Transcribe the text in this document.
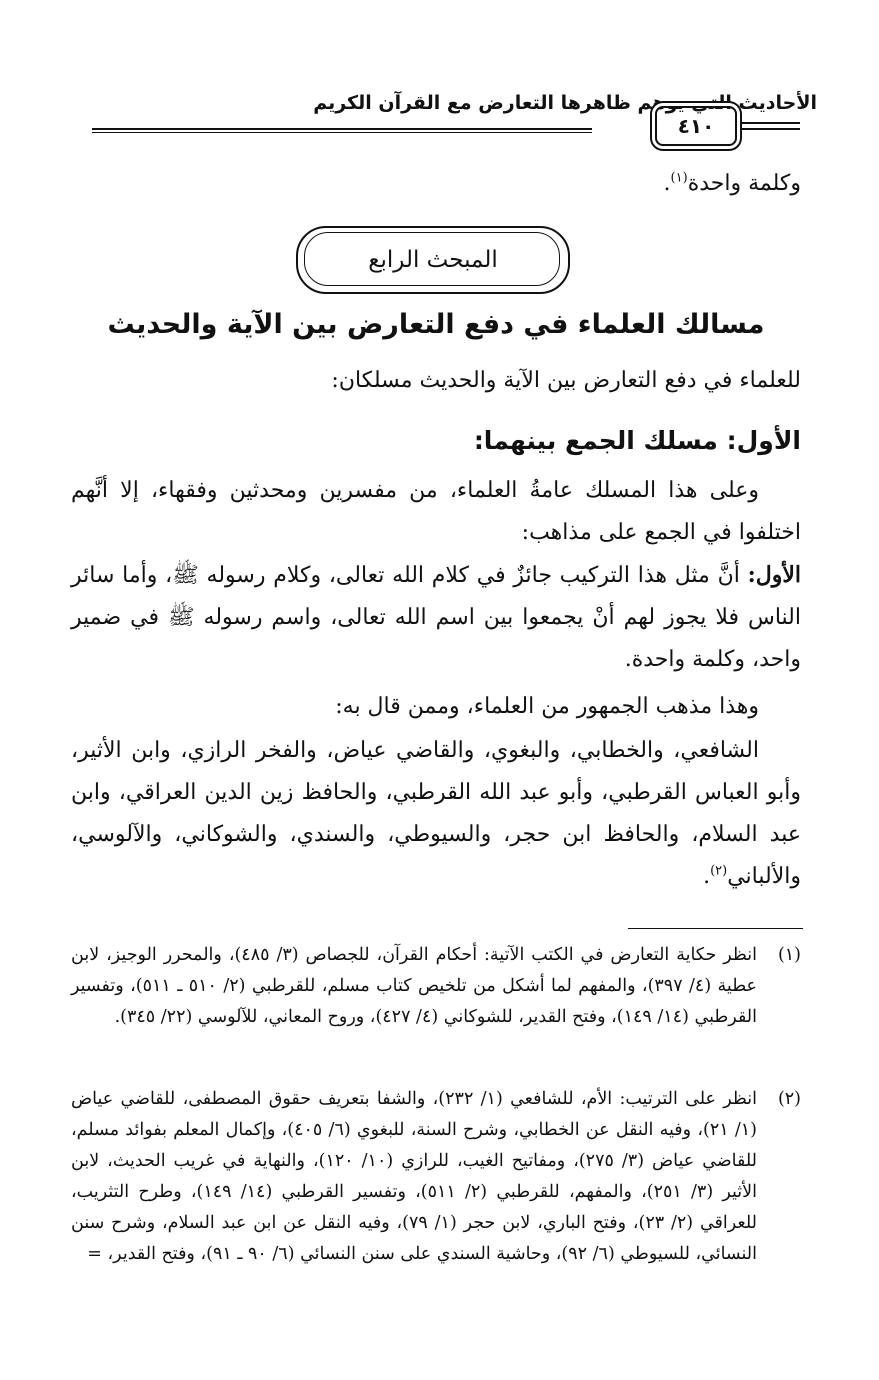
الأحاديث التي يوهم ظاهرها التعارض مع القرآن الكريم
٤١٠
وكلمة واحدة$^{(١)}$.
المبحث الرابع
مسالك العلماء في دفع التعارض بين الآية والحديث
للعلماء في دفع التعارض بين الآية والحديث مسلكان:
الأول: مسلك الجمع بينهما:
وعلى هذا المسلك عامةُ العلماء، من مفسرين ومحدثين وفقهاء، إلا أنَّهم اختلفوا في الجمع على مذاهب:
الأول: أنَّ مثل هذا التركيب جائزٌ في كلام الله تعالى، وكلام رسوله ﷺ، وأما سائر الناس فلا يجوز لهم أنْ يجمعوا بين اسم الله تعالى، واسم رسوله ﷺ في ضمير واحد، وكلمة واحدة.
وهذا مذهب الجمهور من العلماء، وممن قال به:
الشافعي، والخطابي، والبغوي، والقاضي عياض، والفخر الرازي، وابن الأثير، وأبو العباس القرطبي، وأبو عبد الله القرطبي، والحافظ زين الدين العراقي، وابن عبد السلام، والحافظ ابن حجر، والسيوطي، والسندي، والشوكاني، والآلوسي، والألباني$^{(٢)}$.
(١)
انظر حكاية التعارض في الكتب الآتية: أحكام القرآن، للجصاص (٣/ ٤٨٥)، والمحرر الوجيز، لابن عطية (٤/ ٣٩٧)، والمفهم لما أشكل من تلخيص كتاب مسلم، للقرطبي (٢/ ٥١٠ ـ ٥١١)، وتفسير القرطبي (١٤/ ١٤٩)، وفتح القدير، للشوكاني (٤/ ٤٢٧)، وروح المعاني، للآلوسي (٢٢/ ٣٤٥).
(٢)
انظر على الترتيب: الأم، للشافعي (١/ ٢٣٢)، والشفا بتعريف حقوق المصطفى، للقاضي عياض (١/ ٢١)، وفيه النقل عن الخطابي، وشرح السنة، للبغوي (٦/ ٤٠٥)، وإكمال المعلم بفوائد مسلم، للقاضي عياض (٣/ ٢٧٥)، ومفاتيح الغيب، للرازي (١٠/ ١٢٠)، والنهاية في غريب الحديث، لابن الأثير (٣/ ٢٥١)، والمفهم، للقرطبي (٢/ ٥١١)، وتفسير القرطبي (١٤/ ١٤٩)، وطرح التثريب، للعراقي (٢/ ٢٣)، وفتح الباري، لابن حجر (١/ ٧٩)، وفيه النقل عن ابن عبد السلام، وشرح سنن النسائي، للسيوطي (٦/ ٩٢)، وحاشية السندي على سنن النسائي (٦/ ٩٠ ـ ٩١)، وفتح القدير، =
